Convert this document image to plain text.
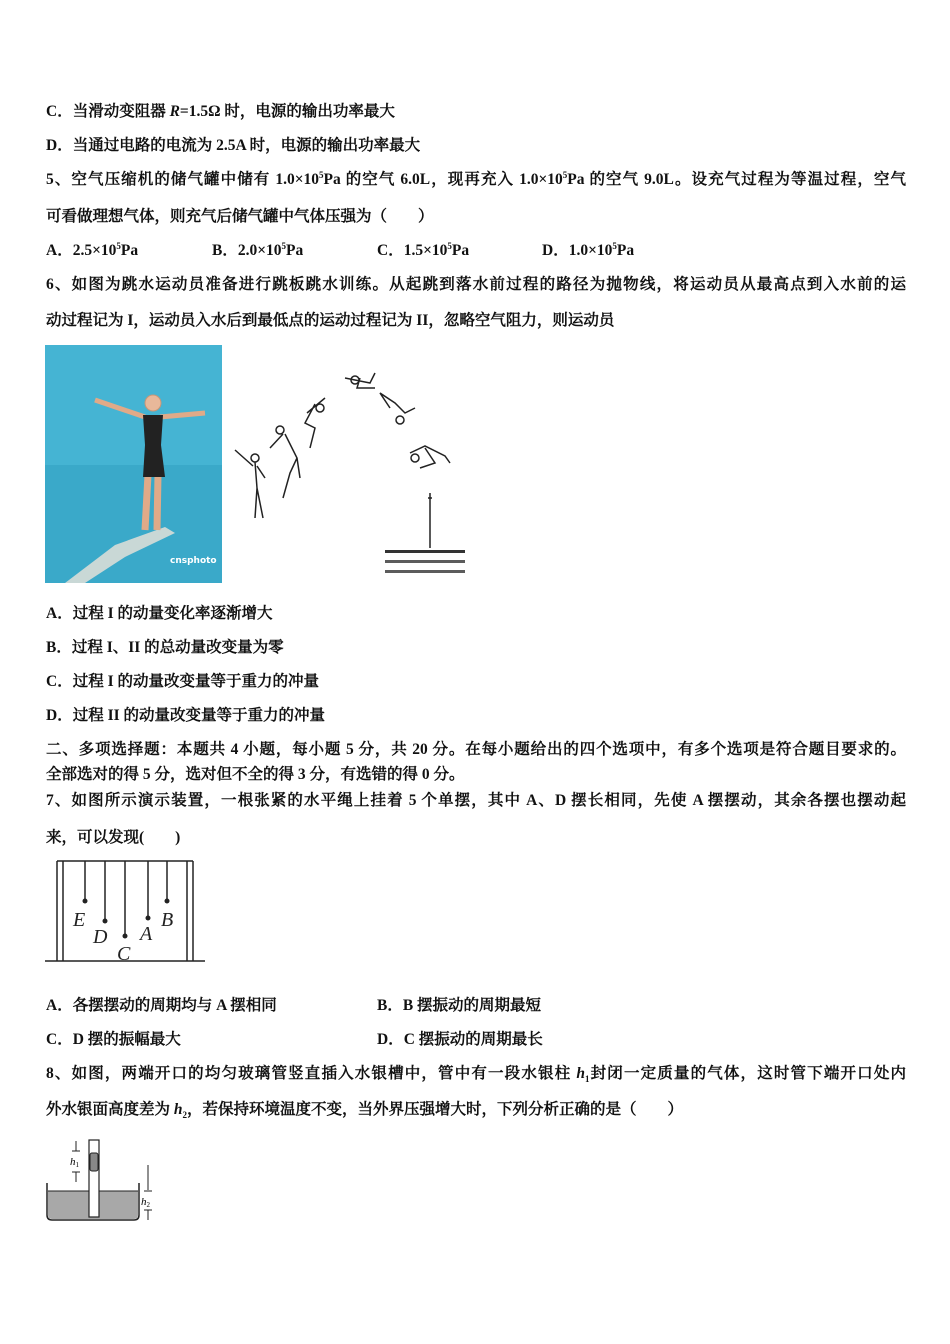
C．当滑动变阻器 R=1.5Ω 时，电源的输出功率最大
D．当通过电路的电流为 2.5A 时，电源的输出功率最大
5、空气压缩机的储气罐中储有 $1.0\times 10^5Pa$ 的空气 6.0L，现再充入 $1.0\times 10^5Pa$ 的空气 9.0L。设充气过程为等温过程，空气
可看做理想气体，则充气后储气罐中气体压强为（　　）
A．$2.5\times 10^5Pa$	B．$2.0\times 10^5Pa$	C．$1.5\times 10^5Pa$	D．$1.0\times 10^5Pa$
6、如图为跳水运动员准备进行跳板跳水训练。从起跳到落水前过程的路径为抛物线，将运动员从最高点到入水前的运
动过程记为 I，运动员入水后到最低点的运动过程记为 II，忽略空气阻力，则运动员
cnsphoto
A．过程 I 的动量变化率逐渐增大
B．过程 I、II 的总动量改变量为零
C．过程 I 的动量改变量等于重力的冲量
D．过程 II 的动量改变量等于重力的冲量
二、多项选择题：本题共 4 小题，每小题 5 分，共 20 分。在每小题给出的四个选项中，有多个选项是符合题目要求的。
全部选对的得 5 分，选对但不全的得 3 分，有选错的得 0 分。
7、如图所示演示装置，一根张紧的水平绳上挂着 5 个单摆，其中 A、D 摆长相同，先使 A 摆摆动，其余各摆也摆动起
来，可以发现(　　)
E
D
C
A
B
A．各摆摆动的周期均与 A 摆相同	B．B 摆振动的周期最短
C．D 摆的振幅最大	D．C 摆振动的周期最长
8、如图，两端开口的均匀玻璃管竖直插入水银槽中，管中有一段水银柱 $h_1$封闭一定质量的气体，这时管下端开口处内
外水银面高度差为 $h_2$，若保持环境温度不变，当外界压强增大时，下列分析正确的是（　　）
h1
h2
